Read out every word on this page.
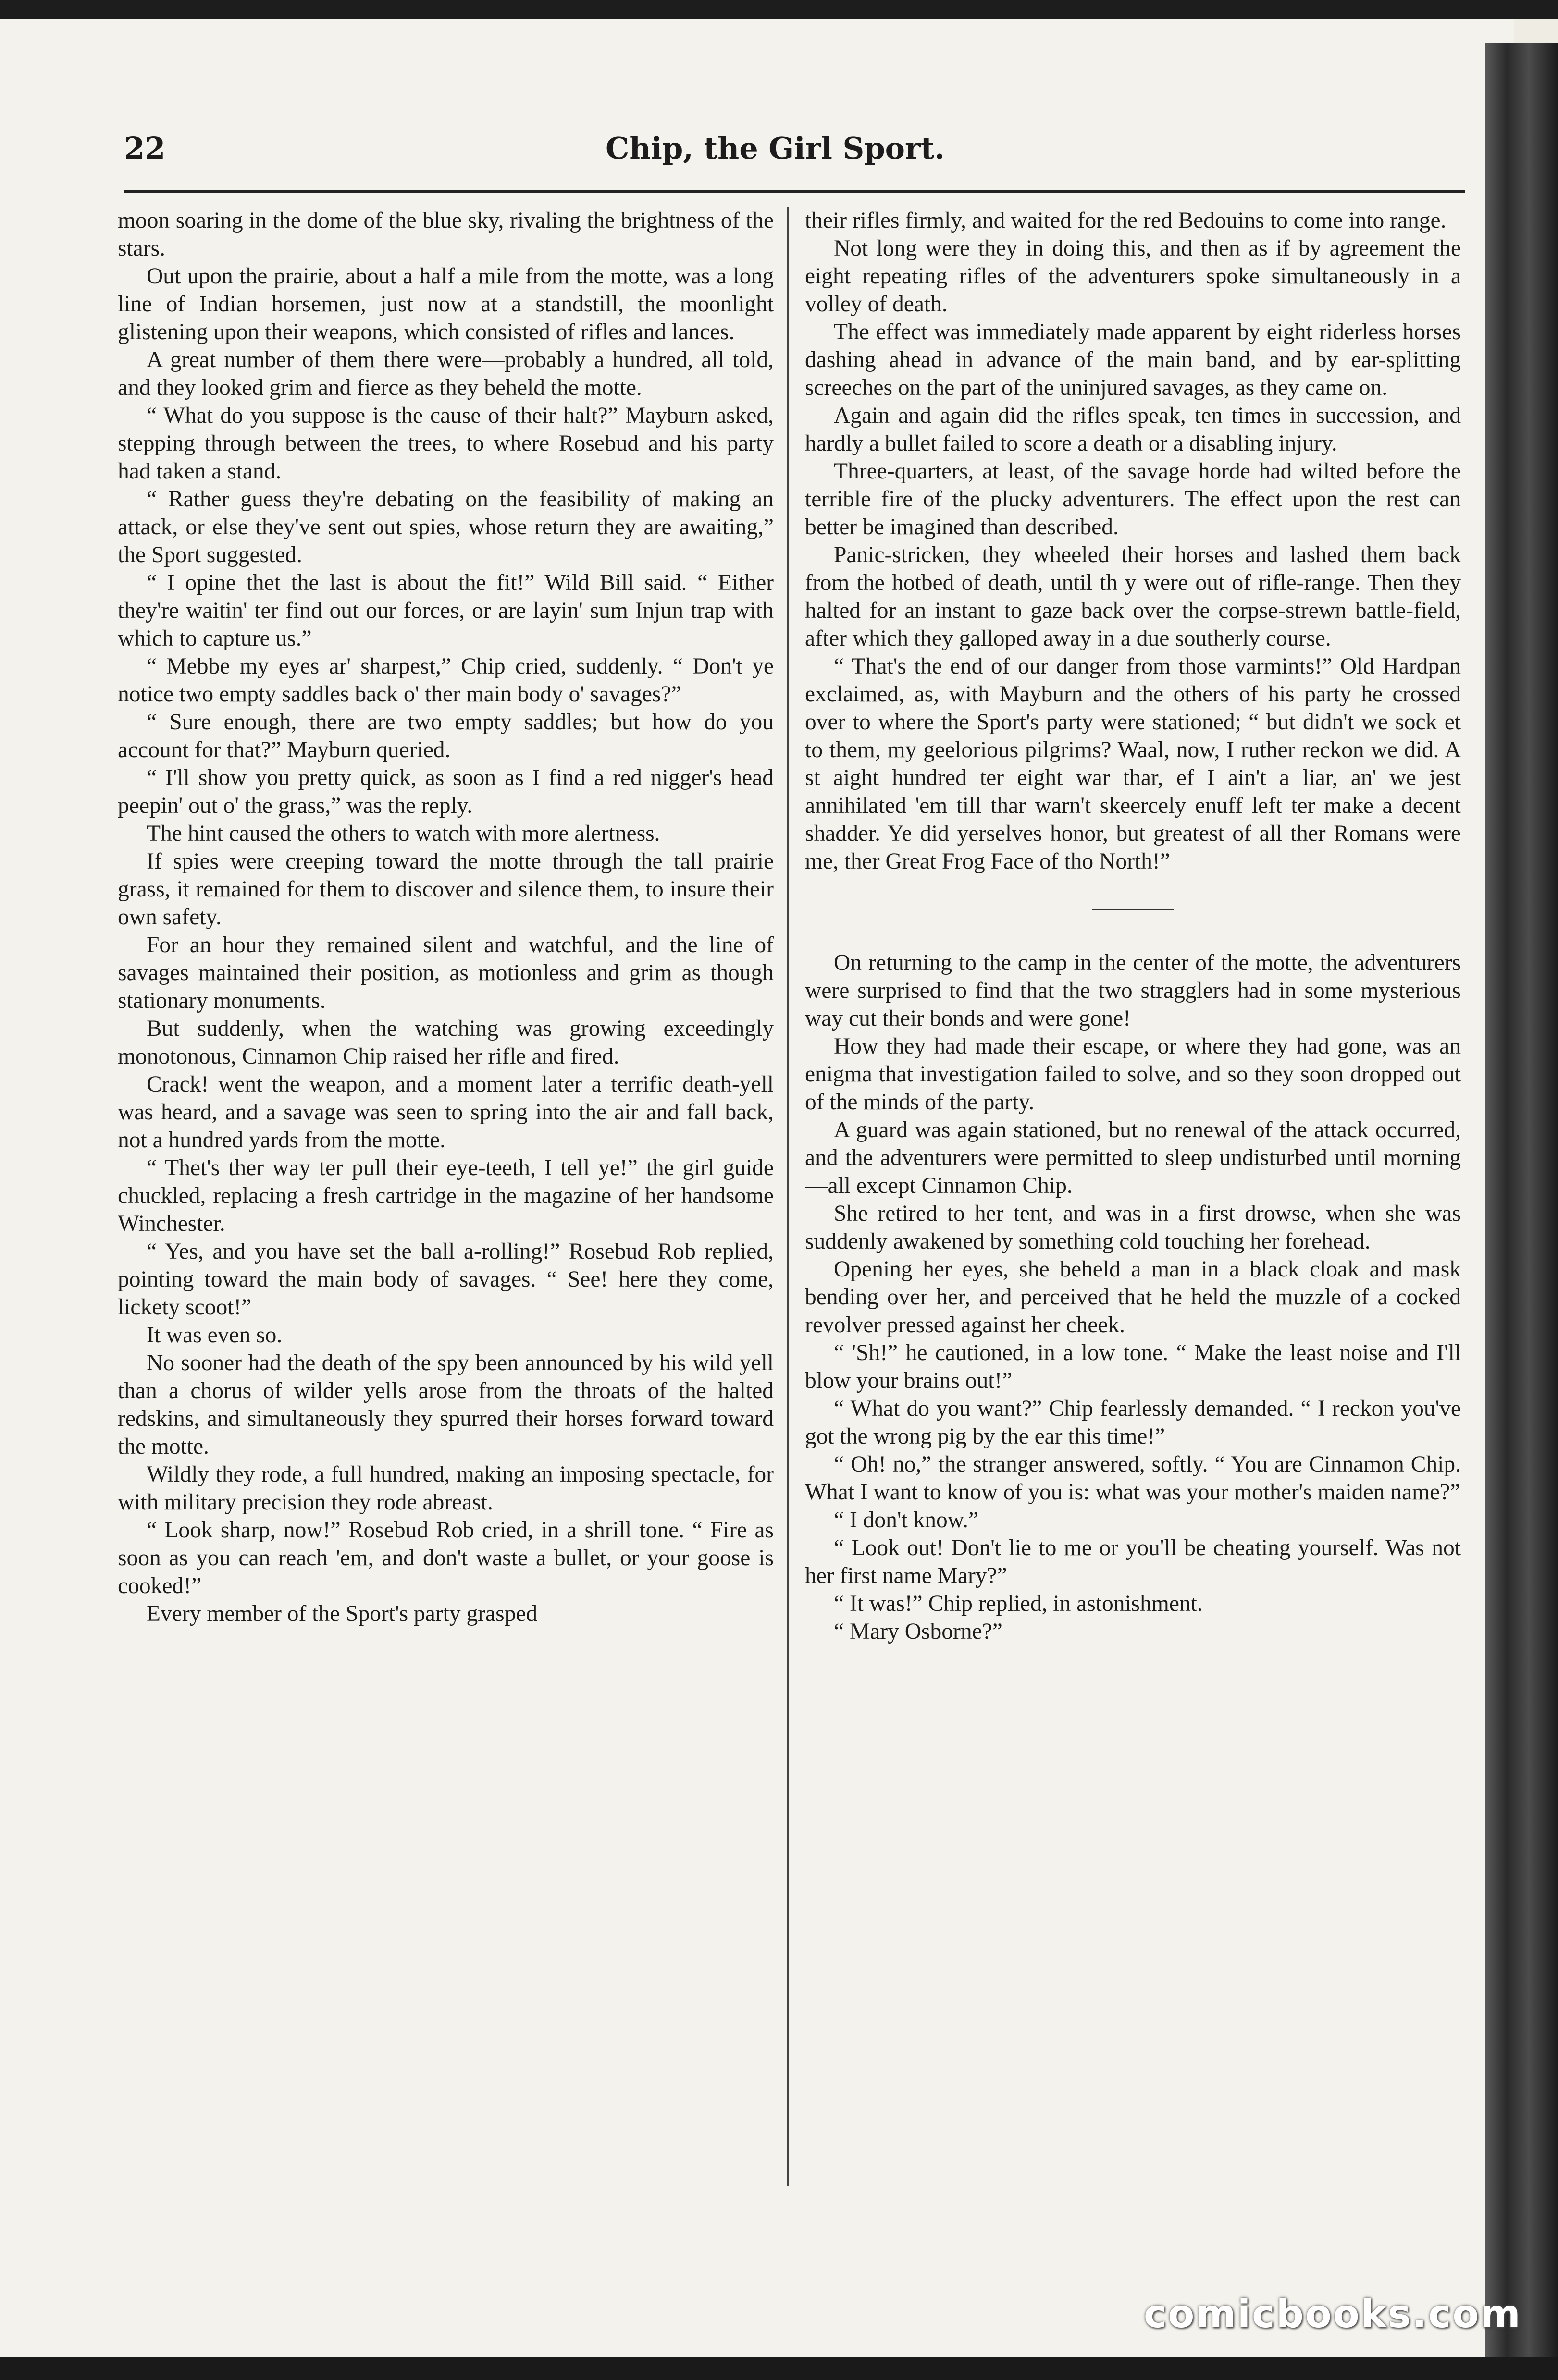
22	Chip, the Girl Sport.

moon soaring in the dome of the blue sky, rivaling the brightness of the stars.

Out upon the prairie, about a half a mile from the motte, was a long line of Indian horsemen, just now at a standstill, the moonlight glistening upon their weapons, which consisted of rifles and lances.

A great number of them there were—probably a hundred, all told, and they looked grim and fierce as they beheld the motte.

“ What do you suppose is the cause of their halt?” Mayburn asked, stepping through between the trees, to where Rosebud and his party had taken a stand.

“ Rather guess they're debating on the feasibility of making an attack, or else they've sent out spies, whose return they are awaiting,” the Sport suggested.

“ I opine thet the last is about the fit!” Wild Bill said. “ Either they're waitin' ter find out our forces, or are layin' sum Injun trap with which to capture us.”

“ Mebbe my eyes ar' sharpest,” Chip cried, suddenly. “ Don't ye notice two empty saddles back o' ther main body o' savages?”

“ Sure enough, there are two empty saddles; but how do you account for that?” Mayburn queried.

“ I'll show you pretty quick, as soon as I find a red nigger's head peepin' out o' the grass,” was the reply.

The hint caused the others to watch with more alertness.

If spies were creeping toward the motte through the tall prairie grass, it remained for them to discover and silence them, to insure their own safety.

For an hour they remained silent and watchful, and the line of savages maintained their position, as motionless and grim as though stationary monuments.

But suddenly, when the watching was growing exceedingly monotonous, Cinnamon Chip raised her rifle and fired.

Crack! went the weapon, and a moment later a terrific death-yell was heard, and a savage was seen to spring into the air and fall back, not a hundred yards from the motte.

“ Thet's ther way ter pull their eye-teeth, I tell ye!” the girl guide chuckled, replacing a fresh cartridge in the magazine of her handsome Winchester.

“ Yes, and you have set the ball a-rolling!” Rosebud Rob replied, pointing toward the main body of savages. “ See! here they come, lickety scoot!”

It was even so.

No sooner had the death of the spy been announced by his wild yell than a chorus of wilder yells arose from the throats of the halted redskins, and simultaneously they spurred their horses forward toward the motte.

Wildly they rode, a full hundred, making an imposing spectacle, for with military precision they rode abreast.

“ Look sharp, now!” Rosebud Rob cried, in a shrill tone. “ Fire as soon as you can reach 'em, and don't waste a bullet, or your goose is cooked!”

Every member of the Sport's party grasped

their rifles firmly, and waited for the red Bedouins to come into range.

Not long were they in doing this, and then as if by agreement the eight repeating rifles of the adventurers spoke simultaneously in a volley of death.

The effect was immediately made apparent by eight riderless horses dashing ahead in advance of the main band, and by ear-splitting screeches on the part of the uninjured savages, as they came on.

Again and again did the rifles speak, ten times in succession, and hardly a bullet failed to score a death or a disabling injury.

Three-quarters, at least, of the savage horde had wilted before the terrible fire of the plucky adventurers. The effect upon the rest can better be imagined than described.

Panic-stricken, they wheeled their horses and lashed them back from the hotbed of death, until th y were out of rifle-range. Then they halted for an instant to gaze back over the corpse-strewn battle-field, after which they galloped away in a due southerly course.

“ That's the end of our danger from those varmints!” Old Hardpan exclaimed, as, with Mayburn and the others of his party he crossed over to where the Sport's party were stationed; “ but didn't we sock et to them, my geelorious pilgrims? Waal, now, I ruther reckon we did. A st aight hundred ter eight war thar, ef I ain't a liar, an' we jest annihilated 'em till thar warn't skeercely enuff left ter make a decent shadder. Ye did yerselves honor, but greatest of all ther Romans were me, ther Great Frog Face of tho North!”

On returning to the camp in the center of the motte, the adventurers were surprised to find that the two stragglers had in some mysterious way cut their bonds and were gone!

How they had made their escape, or where they had gone, was an enigma that investigation failed to solve, and so they soon dropped out of the minds of the party.

A guard was again stationed, but no renewal of the attack occurred, and the adventurers were permitted to sleep undisturbed until morning—all except Cinnamon Chip.

She retired to her tent, and was in a first drowse, when she was suddenly awakened by something cold touching her forehead.

Opening her eyes, she beheld a man in a black cloak and mask bending over her, and perceived that he held the muzzle of a cocked revolver pressed against her cheek.

“ 'Sh!” he cautioned, in a low tone. “ Make the least noise and I'll blow your brains out!”

“ What do you want?” Chip fearlessly demanded. “ I reckon you've got the wrong pig by the ear this time!”

“ Oh! no,” the stranger answered, softly. “ You are Cinnamon Chip. What I want to know of you is: what was your mother's maiden name?”

“ I don't know.”

“ Look out! Don't lie to me or you'll be cheating yourself. Was not her first name Mary?”

“ It was!” Chip replied, in astonishment.

“ Mary Osborne?”

comicbooks.com
